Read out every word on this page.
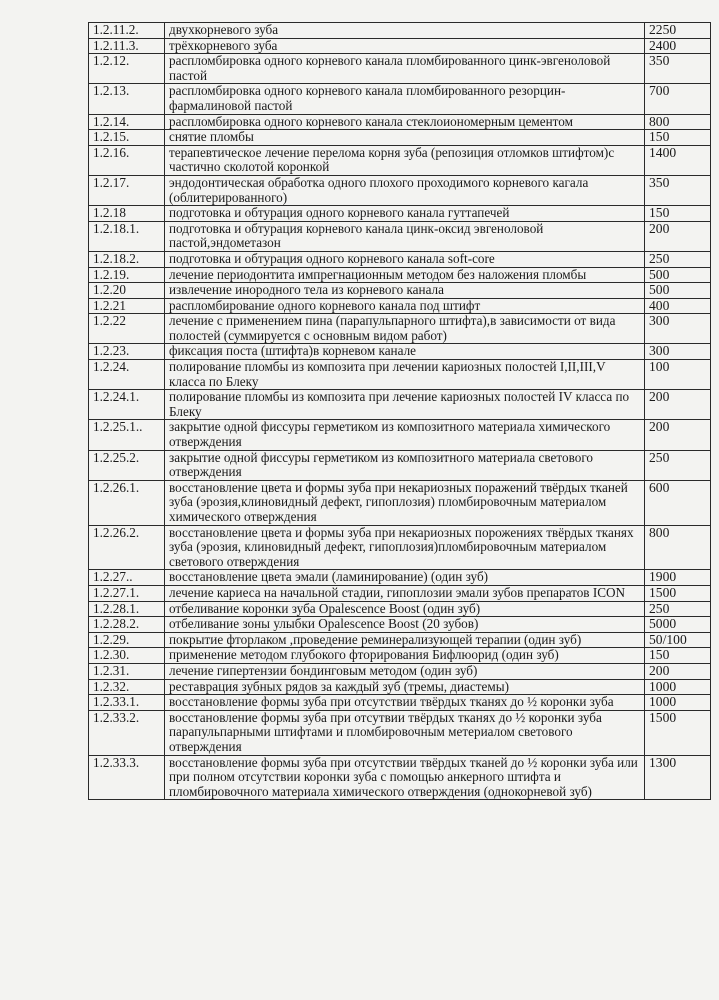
1.2.11.2.	двухкорневого зуба	2250
1.2.11.3.	трёхкорневого зуба	2400
1.2.12.	распломбировка одного корневого канала пломбированного цинк-эвгеноловой пастой	350
1.2.13.	распломбировка одного корневого канала пломбированного резорцин-фармалиновой пастой	700
1.2.14.	распломбировка одного корневого канала стеклоиономерным цементом	800
1.2.15.	снятие пломбы	150
1.2.16.	терапевтическое лечение перелома корня зуба (репозиция отломков штифтом)с частично сколотой коронкой	1400
1.2.17.	эндодонтическая обработка одного плохого проходимого корневого кагала (облитерированного)	350
1.2.18	подготовка и обтурация одного корневого канала гуттапечей	150
1.2.18.1.	подготовка и обтурация корневого канала цинк-оксид эвгеноловой пастой,эндометазон	200
1.2.18.2.	подготовка и обтурация одного корневого канала soft-core	250
1.2.19.	лечение периодонтита импрегнационным методом без наложения пломбы	500
1.2.20	извлечение инородного тела из корневого канала	500
1.2.21	распломбирование одного корневого канала под штифт	400
1.2.22	лечение с применением пина (парапульпарного штифта),в зависимости от вида полостей (суммируется с основным видом работ)	300
1.2.23.	фиксация поста (штифта)в корневом канале	300
1.2.24.	полирование пломбы из композита при лечении кариозных полостей I,II,III,V класса по Блеку	100
1.2.24.1.	полирование пломбы из композита при лечение кариозных полостей IV класса по Блеку	200
1.2.25.1..	закрытие одной фиссуры герметиком из композитного материала химического отверждения	200
1.2.25.2.	закрытие одной фиссуры герметиком из композитного материала светового отверждения	250
1.2.26.1.	восстановление цвета и формы зуба при некариозных поражений твёрдых тканей зуба (эрозия,клиновидный дефект, гипоплозия) пломбировочным материалом химического отверждения	600
1.2.26.2.	восстановление цвета и формы зуба при некариозных порожениях твёрдых тканях зуба (эрозия, клиновидный дефект, гипоплозия)пломбировочным материалом светового отверждения	800
1.2.27..	восстановление цвета эмали (ламинирование) (один зуб)	1900
1.2.27.1.	лечение кариеса на начальной стадии, гипоплозии эмали зубов препаратов ICON	1500
1.2.28.1.	отбеливание коронки зуба Opalescence Boost (один зуб)	250
1.2.28.2.	отбеливание зоны улыбки Opalescence Boost (20 зубов)	5000
1.2.29.	покрытие фторлаком ,проведение реминерализующей терапии (один зуб)	50/100
1.2.30.	применение методом глубокого фторирования Бифлюорид (один зуб)	150
1.2.31.	лечение гипертензии бондинговым методом (один зуб)	200
1.2.32.	реставрация зубных рядов за каждый зуб (тремы, диастемы)	1000
1.2.33.1.	восстановление формы зуба при отсутствии твёрдых тканях до ½ коронки зуба	1000
1.2.33.2.	восстановление формы зуба при отсутвии твёрдых тканях до ½ коронки зуба парапульпарными штифтами и пломбировочным метериалом светового отверждения	1500
1.2.33.3.	восстановление формы зуба при отсутствии твёрдых тканей до ½ коронки зуба или при полном отсутствии коронки зуба с помощью анкерного штифта и пломбировочного материала химического отверждения (однокорневой зуб)	1300
